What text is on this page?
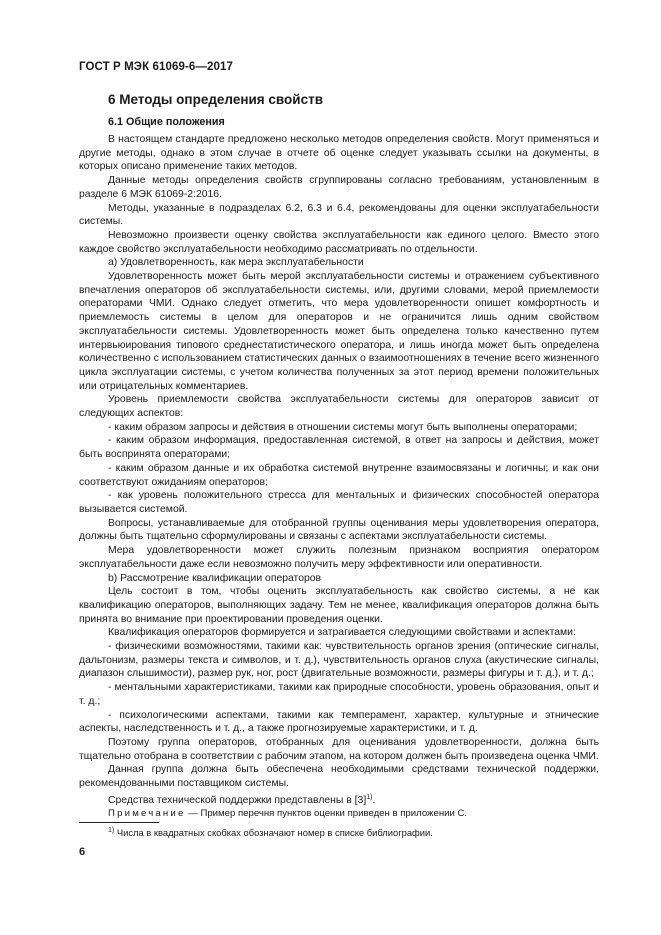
ГОСТ Р МЭК 61069-6—2017
6 Методы определения свойств
6.1 Общие положения

В настоящем стандарте предложено несколько методов определения свойств. Могут применяться и другие методы, однако в этом случае в отчете об оценке следует указывать ссылки на документы, в которых описано применение таких методов.

Данные методы определения свойств сгруппированы согласно требованиям, установленным в разделе 6 МЭК 61069-2:2016.

Методы, указанные в подразделах 6.2, 6.3 и 6.4, рекомендованы для оценки эксплуатабельности системы.

Невозможно произвести оценку свойства эксплуатабельности как единого целого. Вместо этого каждое свойство эксплуатабельности необходимо рассматривать по отдельности.

a) Удовлетворенность, как мера эксплуатабельности

Удовлетворенность может быть мерой эксплуатабельности системы и отражением субъективного впечатления операторов об эксплуатабельности системы, или, другими словами, мерой приемлемости операторами ЧМИ. Однако следует отметить, что мера удовлетворенности опишет комфортность и приемлемость системы в целом для операторов и не ограничится лишь одним свойством эксплуатабельности системы. Удовлетворенность может быть определена только качественно путем интервьюирования типового среднестатистического оператора, и лишь иногда может быть определена количественно с использованием статистических данных о взаимоотношениях в течение всего жизненного цикла эксплуатации системы, с учетом количества полученных за этот период времени положительных или отрицательных комментариев.

Уровень приемлемости свойства эксплуатабельности системы для операторов зависит от следующих аспектов:

- каким образом запросы и действия в отношении системы могут быть выполнены операторами;

- каким образом информация, предоставленная системой, в ответ на запросы и действия, может быть воспринята операторами;

- каким образом данные и их обработка системой внутренне взаимосвязаны и логичны; и как они соответствуют ожиданиям операторов;

- как уровень положительного стресса для ментальных и физических способностей оператора вызывается системой.

Вопросы, устанавливаемые для отобранной группы оценивания меры удовлетворения оператора, должны быть тщательно сформулированы и связаны с аспектами эксплуатабельности системы.

Мера удовлетворенности может служить полезным признаком восприятия оператором эксплуатабельности даже если невозможно получить меру эффективности или оперативности.

b) Рассмотрение квалификации операторов

Цель состоит в том, чтобы оценить эксплуатабельность как свойство системы, а не как квалификацию операторов, выполняющих задачу. Тем не менее, квалификация операторов должна быть принята во внимание при проектировании проведения оценки.

Квалификация операторов формируется и затрагивается следующими свойствами и аспектами:

- физическими возможностями, такими как: чувствительность органов зрения (оптические сигналы, дальтонизм, размеры текста и символов, и т. д.), чувствительность органов слуха (акустические сигналы, диапазон слышимости), размер рук, ног, рост (двигательные возможности, размеры фигуры и т. д.), и т. д.;

- ментальными характеристиками, такими как природные способности, уровень образования, опыт и т. д.;

- психологическими аспектами, такими как темперамент, характер, культурные и этнические аспекты, наследственность и т. д., а также прогнозируемые характеристики, и т. д.

Поэтому группа операторов, отобранных для оценивания удовлетворенности, должна быть тщательно отобрана в соответствии с рабочим этапом, на котором должен быть произведена оценка ЧМИ.

Данная группа должна быть обеспечена необходимыми средствами технической поддержки, рекомендованными поставщиком системы.

Средства технической поддержки представлены в $[3]^{1)}$.

Примечание — Пример перечня пунктов оценки приведен в приложении C.

$^{1)}$ Числа в квадратных скобках обозначают номер в списке библиографии.
6
